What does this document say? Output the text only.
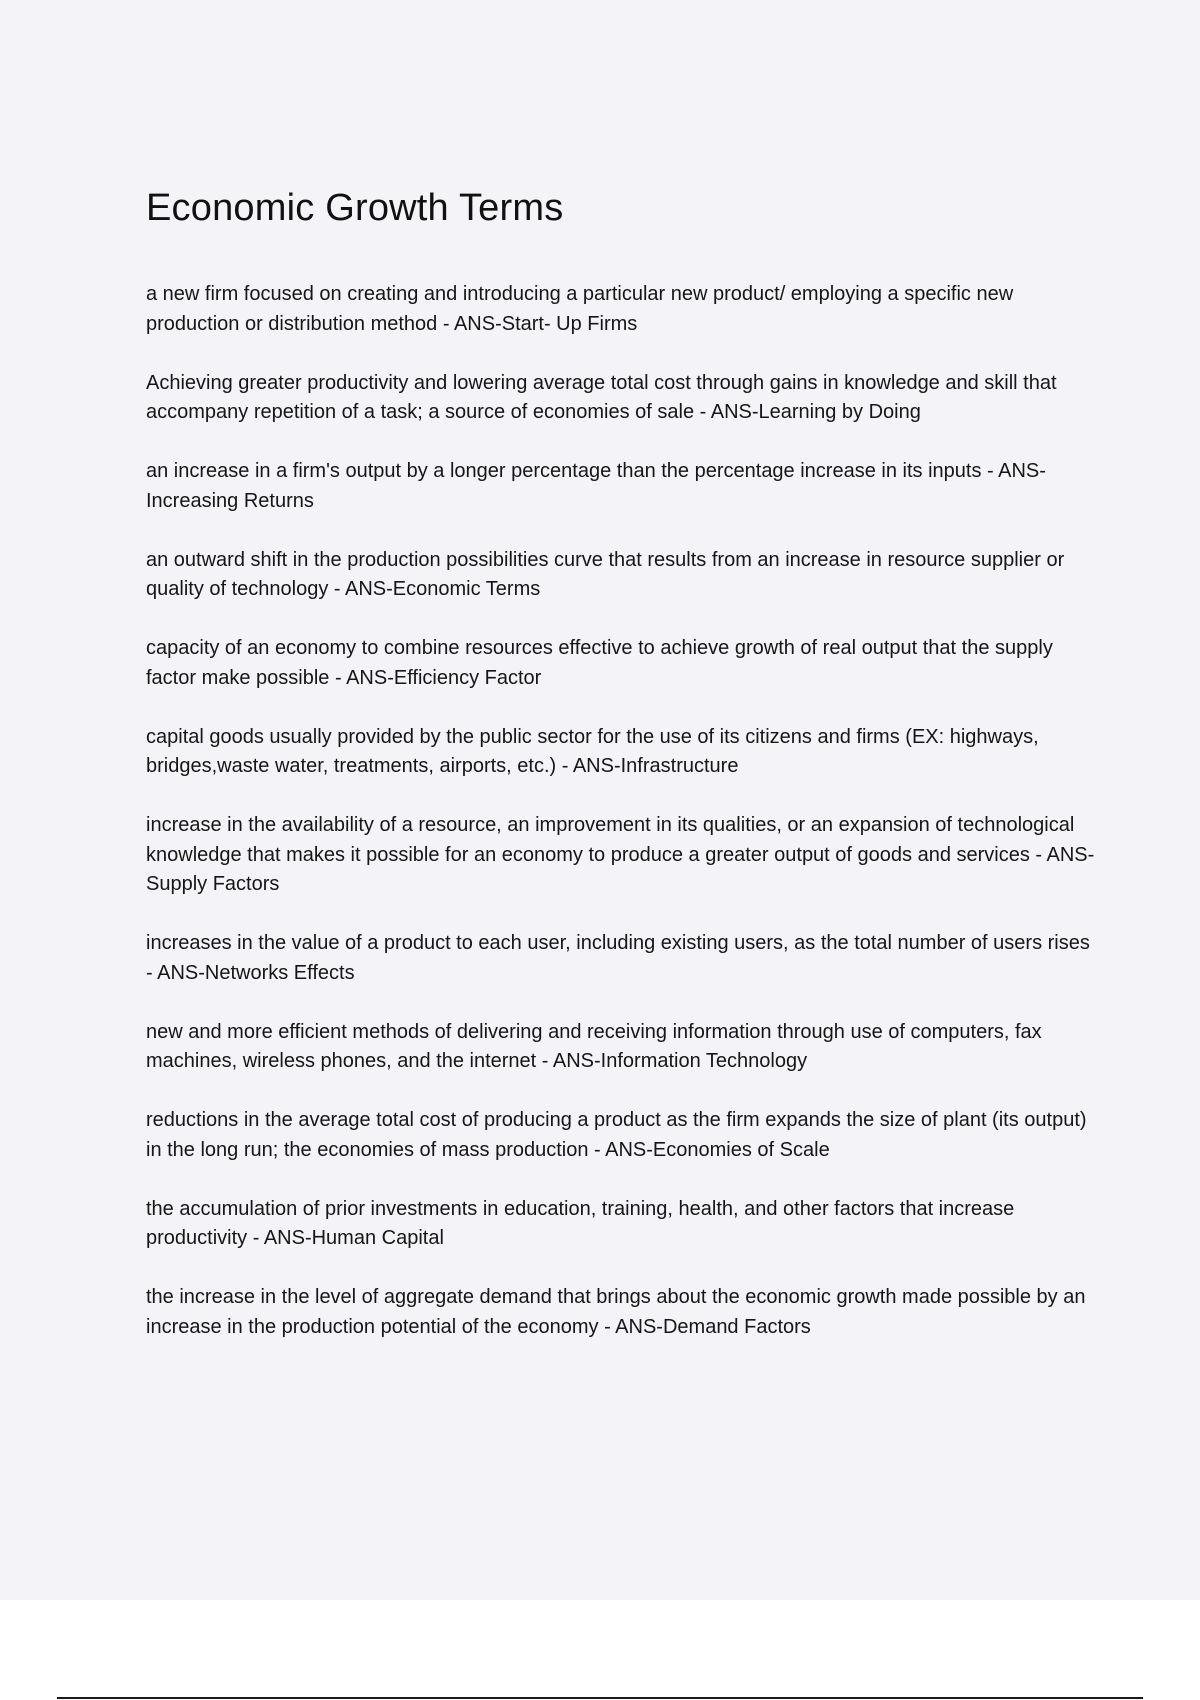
Economic Growth Terms

a new firm focused on creating and introducing a particular new product/ employing a specific new production or distribution method - ANS-Start- Up Firms

Achieving greater productivity and lowering average total cost through gains in knowledge and skill that accompany repetition of a task; a source of economies of sale - ANS-Learning by Doing

an increase in a firm's output by a longer percentage than the percentage increase in its inputs - ANS-Increasing Returns

an outward shift in the production possibilities curve that results from an increase in resource supplier or quality of technology - ANS-Economic Terms

capacity of an economy to combine resources effective to achieve growth of real output that the supply factor make possible - ANS-Efficiency Factor

capital goods usually provided by the public sector for the use of its citizens and firms (EX: highways, bridges,waste water, treatments, airports, etc.) - ANS-Infrastructure

increase in the availability of a resource, an improvement in its qualities, or an expansion of technological knowledge that makes it possible for an economy to produce a greater output of goods and services - ANS-Supply Factors

increases in the value of a product to each user, including existing users, as the total number of users rises - ANS-Networks Effects

new and more efficient methods of delivering and receiving information through use of computers, fax machines, wireless phones, and the internet - ANS-Information Technology

reductions in the average total cost of producing a product as the firm expands the size of plant (its output) in the long run; the economies of mass production - ANS-Economies of Scale

the accumulation of prior investments in education, training, health, and other factors that increase productivity - ANS-Human Capital

the increase in the level of aggregate demand that brings about the economic growth made possible by an increase in the production potential of the economy - ANS-Demand Factors
